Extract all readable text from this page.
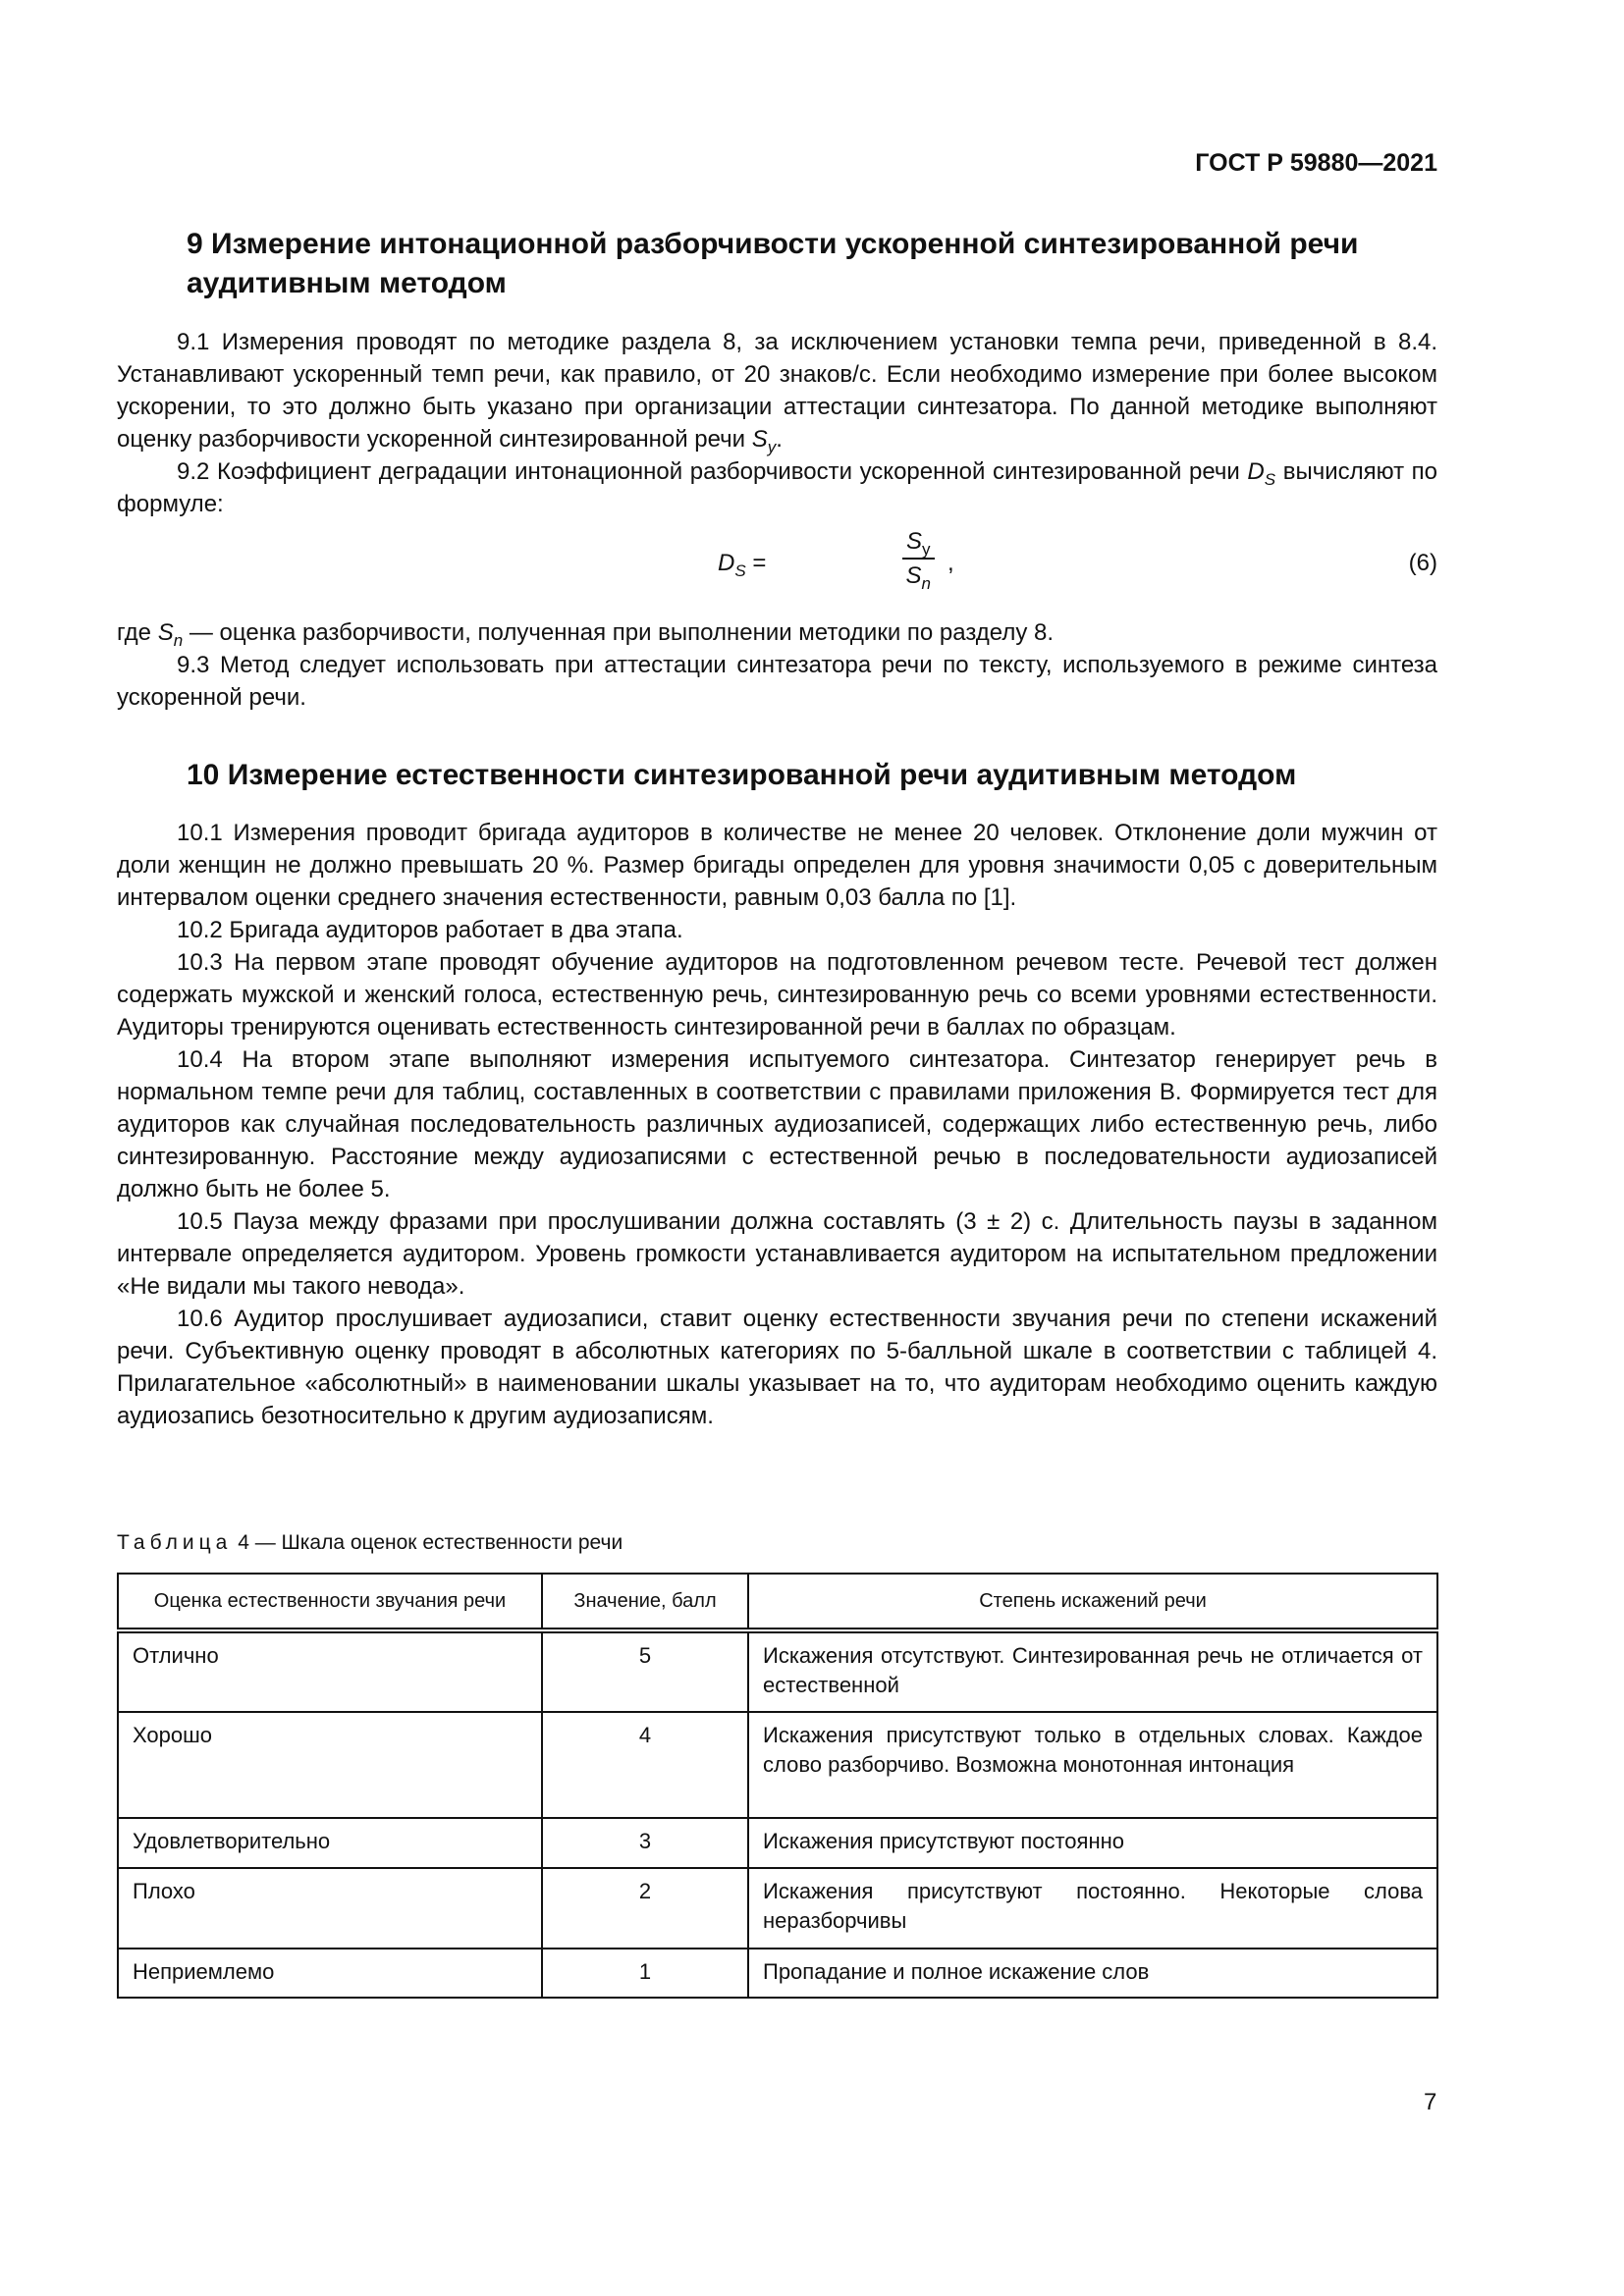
ГОСТ Р 59880—2021
9 Измерение интонационной разборчивости ускоренной синтезированной речи аудитивным методом

9.1 Измерения проводят по методике раздела 8, за исключением установки темпа речи, приведенной в 8.4. Устанавливают ускоренный темп речи, как правило, от 20 знаков/с. Если необходимо измерение при более высоком ускорении, то это должно быть указано при организации аттестации синтезатора. По данной методике выполняют оценку разборчивости ускоренной синтезированной речи $S_y$.

9.2 Коэффициент деградации интонационной разборчивости ускоренной синтезированной речи $D_S$ вычисляют по формуле:

$D_S$ =	$\frac{S_y}{S_n}$ ,	(6)

где $S_n$ — оценка разборчивости, полученная при выполнении методики по разделу 8.

9.3 Метод следует использовать при аттестации синтезатора речи по тексту, используемого в режиме синтеза ускоренной речи.

10 Измерение естественности синтезированной речи аудитивным методом

10.1 Измерения проводит бригада аудиторов в количестве не менее 20 человек. Отклонение доли мужчин от доли женщин не должно превышать 20 %. Размер бригады определен для уровня значимости 0,05 с доверительным интервалом оценки среднего значения естественности, равным 0,03 балла по [1].

10.2 Бригада аудиторов работает в два этапа.

10.3 На первом этапе проводят обучение аудиторов на подготовленном речевом тесте. Речевой тест должен содержать мужской и женский голоса, естественную речь, синтезированную речь со всеми уровнями естественности. Аудиторы тренируются оценивать естественность синтезированной речи в баллах по образцам.

10.4 На втором этапе выполняют измерения испытуемого синтезатора. Синтезатор генерирует речь в нормальном темпе речи для таблиц, составленных в соответствии с правилами приложения В. Формируется тест для аудиторов как случайная последовательность различных аудиозаписей, содержащих либо естественную речь, либо синтезированную. Расстояние между аудиозаписями с естественной речью в последовательности аудиозаписей должно быть не более 5.

10.5 Пауза между фразами при прослушивании должна составлять (3 ± 2) с. Длительность паузы в заданном интервале определяется аудитором. Уровень громкости устанавливается аудитором на испытательном предложении «Не видали мы такого невода».

10.6 Аудитор прослушивает аудиозаписи, ставит оценку естественности звучания речи по степени искажений речи. Субъективную оценку проводят в абсолютных категориях по 5-балльной шкале в соответствии с таблицей 4. Прилагательное «абсолютный» в наименовании шкалы указывает на то, что аудиторам необходимо оценить каждую аудиозапись безотносительно к другим аудиозаписям.

Таблица 4 — Шкала оценок естественности речи
Оценка естественности звучания речи	Значение, балл	Степень искажений речи
Отлично	5	Искажения отсутствуют. Синтезированная речь не отличается от естественной
Хорошо	4	Искажения присутствуют только в отдельных словах. Каждое слово разборчиво. Возможна монотонная интонация
Удовлетворительно	3	Искажения присутствуют постоянно
Плохо	2	Искажения присутствуют постоянно. Некоторые слова неразборчивы
Неприемлемо	1	Пропадание и полное искажение слов
7
